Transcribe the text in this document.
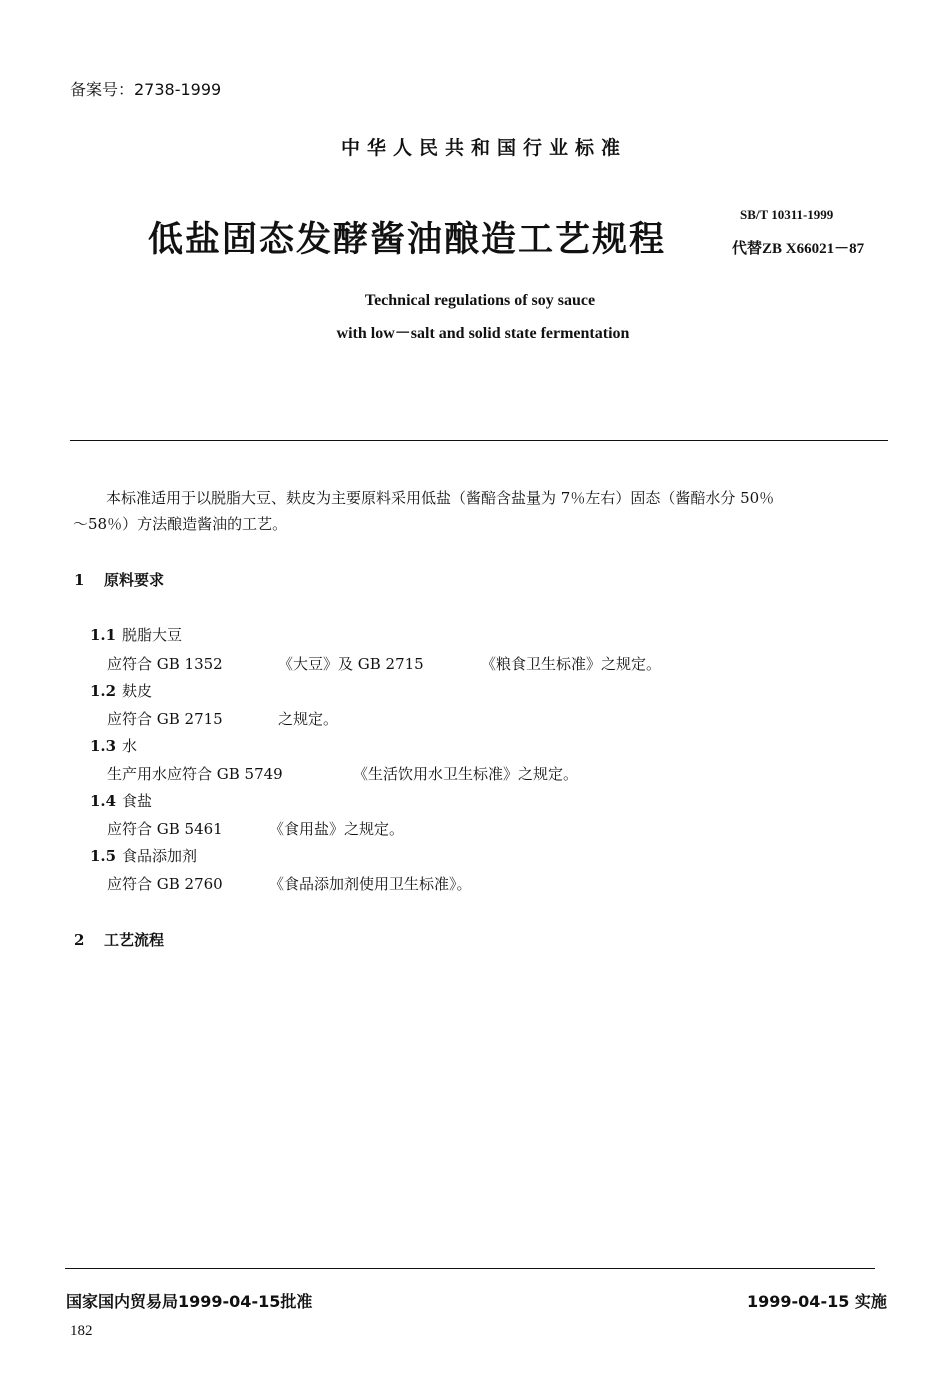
备案号：2738-1999
中华人民共和国行业标准
低盐固态发酵酱油酿造工艺规程
SB/T 10311-1999
代替ZB X66021－87
Technical regulations of soy sauce
with low－salt and solid state fermentation
本标准适用于以脱脂大豆、麸皮为主要原料采用低盐（酱醅含盐量为 7％左右）固态（酱醅水分 50％
～58％）方法酿造酱油的工艺。
1 原料要求
1.1 脱脂大豆
应符合 GB 1352	《大豆》及 GB 2715	《粮食卫生标准》之规定。
1.2 麸皮
应符合 GB 2715	之规定。
1.3 水
生产用水应符合 GB 5749	《生活饮用水卫生标准》之规定。
1.4 食盐
应符合 GB 5461	《食用盐》之规定。
1.5 食品添加剂
应符合 GB 2760	《食品添加剂使用卫生标准》。
2 工艺流程
国家国内贸易局1999-04-15批准	1999-04-15 实施
182
